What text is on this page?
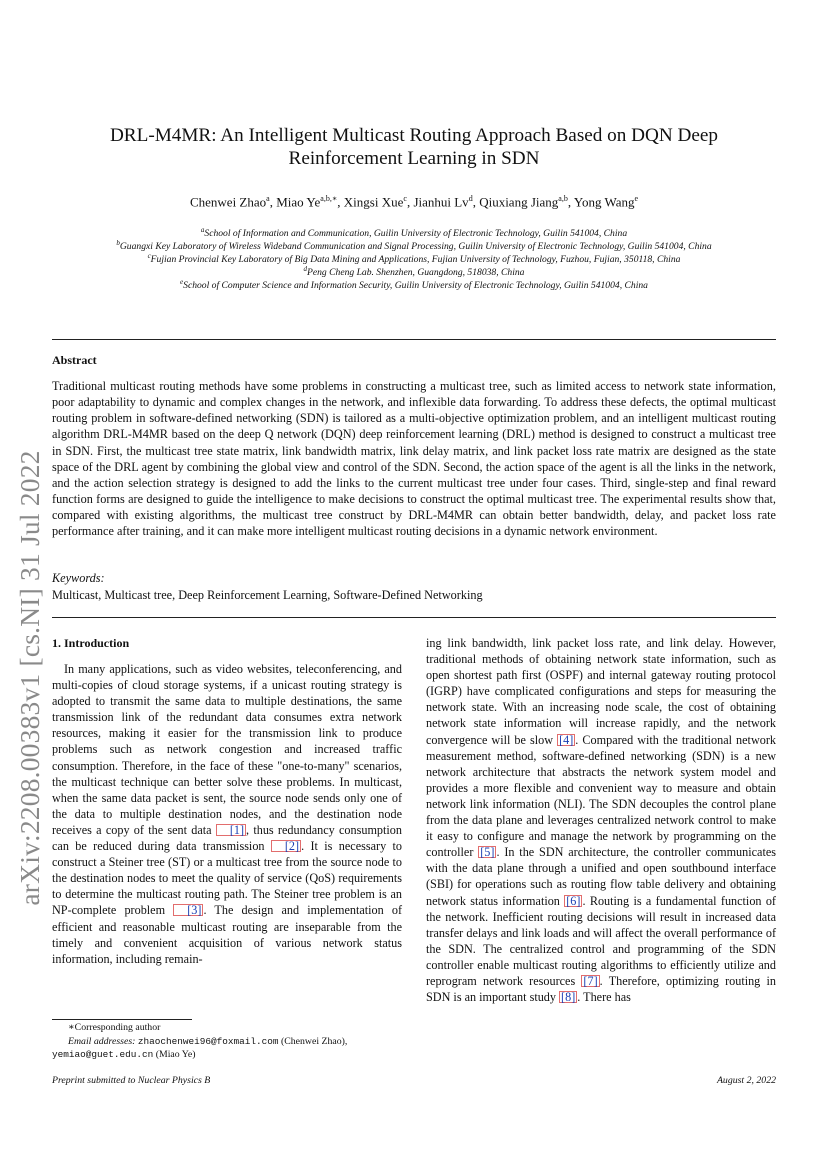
arXiv:2208.00383v1 [cs.NI] 31 Jul 2022
DRL-M4MR: An Intelligent Multicast Routing Approach Based on DQN Deep
Reinforcement Learning in SDN
Chenwei Zhao$^a$, Miao $Ye^{a,b,∗}$, Xingsi Xue$^c$, Jianhui Lv$^d$, Qiuxiang Jiang$^{a,b}$, Yong Wang$^e$
$^a$School of Information and Communication, Guilin University of Electronic Technology, Guilin 541004, China
$^b$Guangxi Key Laboratory of Wireless Wideband Communication and Signal Processing, Guilin University of Electronic Technology, Guilin 541004, China
$^c$Fujian Provincial Key Laboratory of Big Data Mining and Applications, Fujian University of Technology, Fuzhou, Fujian, 350118, China
$^d$Peng Cheng Lab. Shenzhen, Guangdong, 518038, China
$^e$School of Computer Science and Information Security, Guilin University of Electronic Technology, Guilin 541004, China
Abstract
Traditional multicast routing methods have some problems in constructing a multicast tree, such as limited access to network state information, poor adaptability to dynamic and complex changes in the network, and inflexible data forwarding. To address these defects, the optimal multicast routing problem in software-defined networking (SDN) is tailored as a multi-objective optimization problem, and an intelligent multicast routing algorithm DRL-M4MR based on the deep Q network (DQN) deep reinforcement learning (DRL) method is designed to construct a multicast tree in SDN. First, the multicast tree state matrix, link bandwidth matrix, link delay matrix, and link packet loss rate matrix are designed as the state space of the DRL agent by combining the global view and control of the SDN. Second, the action space of the agent is all the links in the network, and the action selection strategy is designed to add the links to the current multicast tree under four cases. Third, single-step and final reward function forms are designed to guide the intelligence to make decisions to construct the optimal multicast tree. The experimental results show that, compared with existing algorithms, the multicast tree construct by DRL-M4MR can obtain better bandwidth, delay, and packet loss rate performance after training, and it can make more intelligent multicast routing decisions in a dynamic network environment.
Keywords:
Multicast, Multicast tree, Deep Reinforcement Learning, Software-Defined Networking
1. Introduction

In many applications, such as video websites, teleconferencing, and multi-copies of cloud storage systems, if a unicast routing strategy is adopted to transmit the same data to multiple destinations, the same transmission link of the redundant data consumes extra network resources, making it easier for the transmission link to produce problems such as network congestion and increased traffic consumption. Therefore, in the face of these "one-to-many" scenarios, the multicast technique can better solve these problems. In multicast, when the same data packet is sent, the source node sends only one of the data to multiple destination nodes, and the destination node receives a copy of the sent data [1] , thus redundancy consumption can be reduced during data transmission [2] . It is necessary to construct a Steiner tree (ST) or a multicast tree from the source node to the destination nodes to meet the quality of service (QoS) requirements to determine the multicast routing path. The Steiner tree problem is an NP-complete problem [3] . The design and implementation of efficient and reasonable multicast routing are inseparable from the timely and convenient acquisition of various network status information, including remain-

ing link bandwidth, link packet loss rate, and link delay. However, traditional methods of obtaining network state information, such as open shortest path first (OSPF) and internal gateway routing protocol (IGRP) have complicated configurations and steps for measuring the network state. With an increasing node scale, the cost of obtaining network state information will increase rapidly, and the network convergence will be slow [4] . Compared with the traditional network measurement method, software-defined networking (SDN) is a new network architecture that abstracts the network system model and provides a more flexible and convenient way to measure and obtain network link information (NLI). The SDN decouples the control plane from the data plane and leverages centralized network control to make it easy to configure and manage the network by programming on the controller [5] . In the SDN architecture, the controller communicates with the data plane through a unified and open southbound interface (SBI) for operations such as routing flow table delivery and obtaining network status information [6] . Routing is a fundamental function of the network. Inefficient routing decisions will result in increased data transfer delays and link loads and will affect the overall performance of the SDN. The centralized control and programming of the SDN controller enable multicast routing algorithms to efficiently utilize and reprogram network resources [7] . Therefore, optimizing routing in SDN is an important study [8] . There has

∗Corresponding author
Email addresses: zhaochenwei96@foxmail.com (Chenwei Zhao),
yemiao@guet.edu.cn (Miao Ye)
Preprint submitted to Nuclear Physics B	August 2, 2022
